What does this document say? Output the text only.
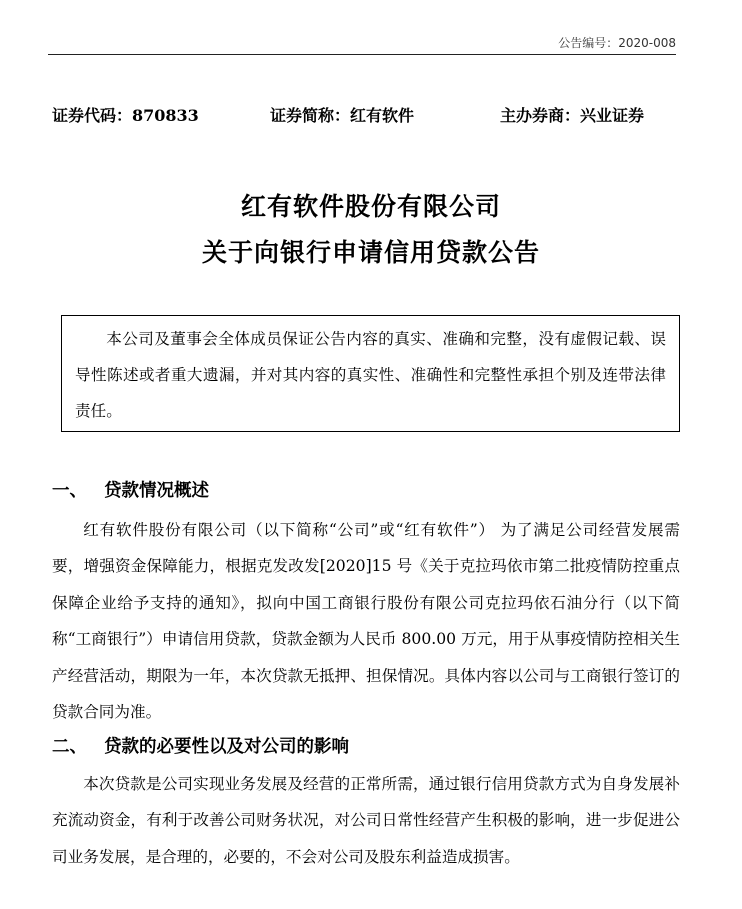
公告编号：2020-008
证券代码：870833	证券简称：红有软件	主办券商：兴业证券
红有软件股份有限公司
关于向银行申请信用贷款公告
本公司及董事会全体成员保证公告内容的真实、准确和完整，没有虚假记载、误导性陈述或者重大遗漏，并对其内容的真实性、准确性和完整性承担个别及连带法律责任。
一、 贷款情况概述
红有软件股份有限公司（以下简称“公司”或“红有软件”） 为了满足公司经营发展需要，增强资金保障能力，根据克发改发[2020]15 号《关于克拉玛依市第二批疫情防控重点保障企业给予支持的通知》，拟向中国工商银行股份有限公司克拉玛依石油分行（以下简称“工商银行”）申请信用贷款，贷款金额为人民币 800.00 万元，用于从事疫情防控相关生产经营活动，期限为一年，本次贷款无抵押、担保情况。具体内容以公司与工商银行签订的贷款合同为准。
二、 贷款的必要性以及对公司的影响
本次贷款是公司实现业务发展及经营的正常所需，通过银行信用贷款方式为自身发展补充流动资金，有利于改善公司财务状况，对公司日常性经营产生积极的影响，进一步促进公司业务发展，是合理的，必要的，不会对公司及股东利益造成损害。
